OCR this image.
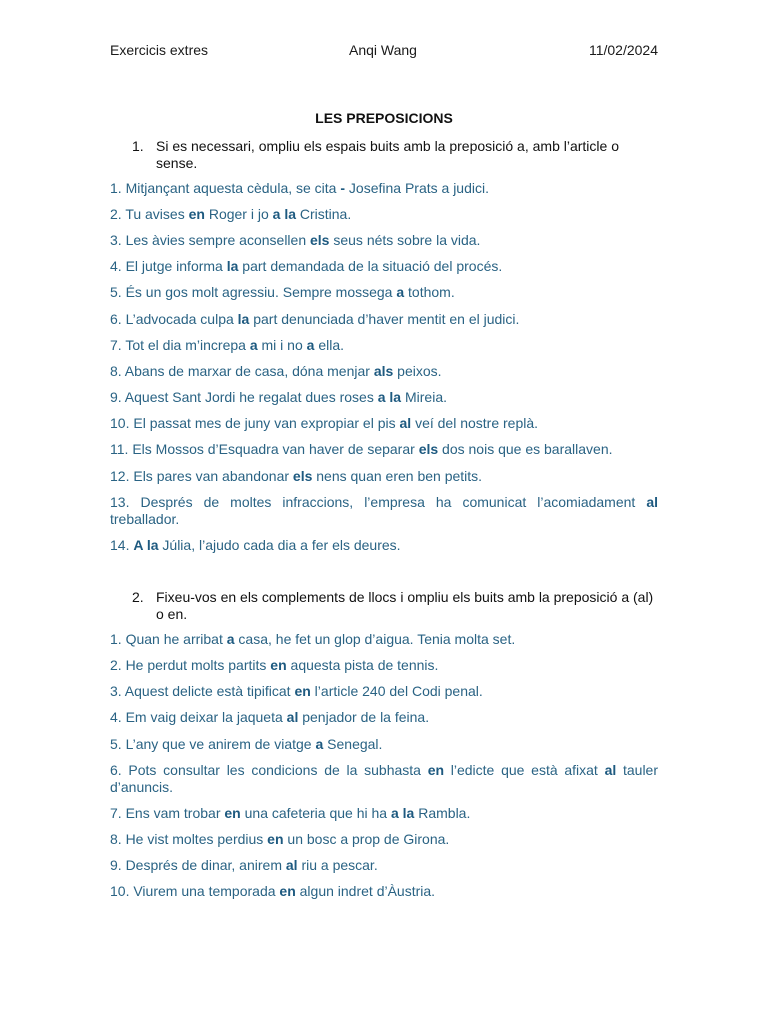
Exercicis extres	Anqi Wang	11/02/2024
LES PREPOSICIONS
1. Si es necessari, ompliu els espais buits amb la preposició a, amb l’article o sense.
1. Mitjançant aquesta cèdula, se cita - Josefina Prats a judici.
2. Tu avises en Roger i jo a la Cristina.
3. Les àvies sempre aconsellen els seus néts sobre la vida.
4. El jutge informa la part demandada de la situació del procés.
5. És un gos molt agressiu. Sempre mossega a tothom.
6. L’advocada culpa la part denunciada d’haver mentit en el judici.
7. Tot el dia m’increpa a mi i no a ella.
8. Abans de marxar de casa, dóna menjar als peixos.
9. Aquest Sant Jordi he regalat dues roses a la Mireia.
10. El passat mes de juny van expropiar el pis al veí del nostre replà.
11. Els Mossos d’Esquadra van haver de separar els dos nois que es barallaven.
12. Els pares van abandonar els nens quan eren ben petits.
13. Després de moltes infraccions, l’empresa ha comunicat l’acomiadament al treballador.
14. A la Júlia, l’ajudo cada dia a fer els deures.
2. Fixeu-vos en els complements de llocs i ompliu els buits amb la preposició a (al) o en.
1. Quan he arribat a casa, he fet un glop d’aigua. Tenia molta set.
2. He perdut molts partits en aquesta pista de tennis.
3. Aquest delicte està tipificat en l’article 240 del Codi penal.
4. Em vaig deixar la jaqueta al penjador de la feina.
5. L’any que ve anirem de viatge a Senegal.
6. Pots consultar les condicions de la subhasta en l’edicte que està afixat al tauler d’anuncis.
7. Ens vam trobar en una cafeteria que hi ha a la Rambla.
8. He vist moltes perdius en un bosc a prop de Girona.
9. Després de dinar, anirem al riu a pescar.
10. Viurem una temporada en algun indret d’Àustria.
